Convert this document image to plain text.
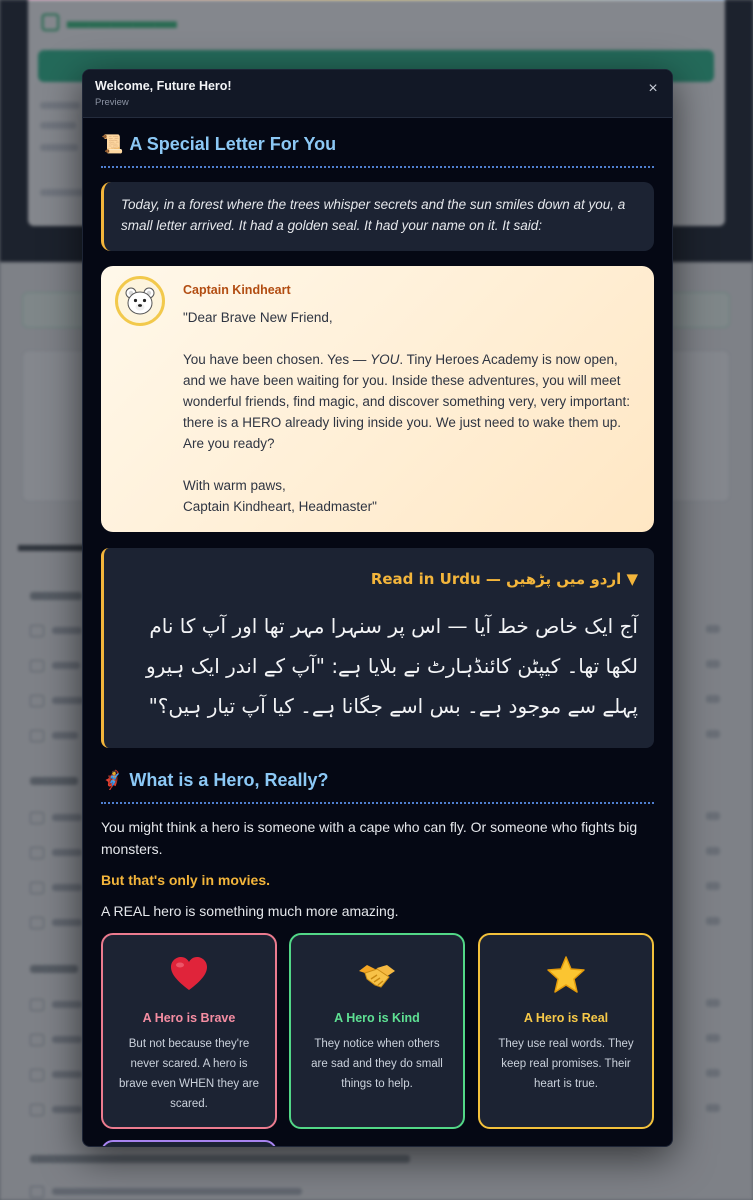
Welcome, Future Hero!
Preview
×
📜 A Special Letter For You

Today, in a forest where the trees whisper secrets and the sun smiles down at you, a small letter arrived. It had a golden seal. It had your name on it. It said:

Captain Kindheart

"Dear Brave New Friend,

You have been chosen. Yes — YOU. Tiny Heroes Academy is now open, and we have been waiting for you. Inside these adventures, you will meet wonderful friends, find magic, and discover something very, very important: there is a HERO already living inside you. We just need to wake them up. Are you ready?

With warm paws,

Captain Kindheart, Headmaster"

▼ اردو میں پڑھیں — Read in Urdu
آج ایک خاص خط آیا — اس پر سنہرا مہر تھا اور آپ کا نام لکھا تھا۔ کیپٹن کائنڈہارٹ نے بلایا ہے: "آپ کے اندر ایک ہیرو پہلے سے موجود ہے۔ بس اسے جگانا ہے۔ کیا آپ تیار ہیں؟"
🦸 What is a Hero, Really?
You might think a hero is someone with a cape who can fly. Or someone who fights big monsters.
But that's only in movies.
A REAL hero is something much more amazing.
A Hero is Brave
But not because they're never scared. A hero is brave even WHEN they are scared.
A Hero is Kind
They notice when others are sad and they do small things to help.
A Hero is Real
They use real words. They keep real promises. Their heart is true.
